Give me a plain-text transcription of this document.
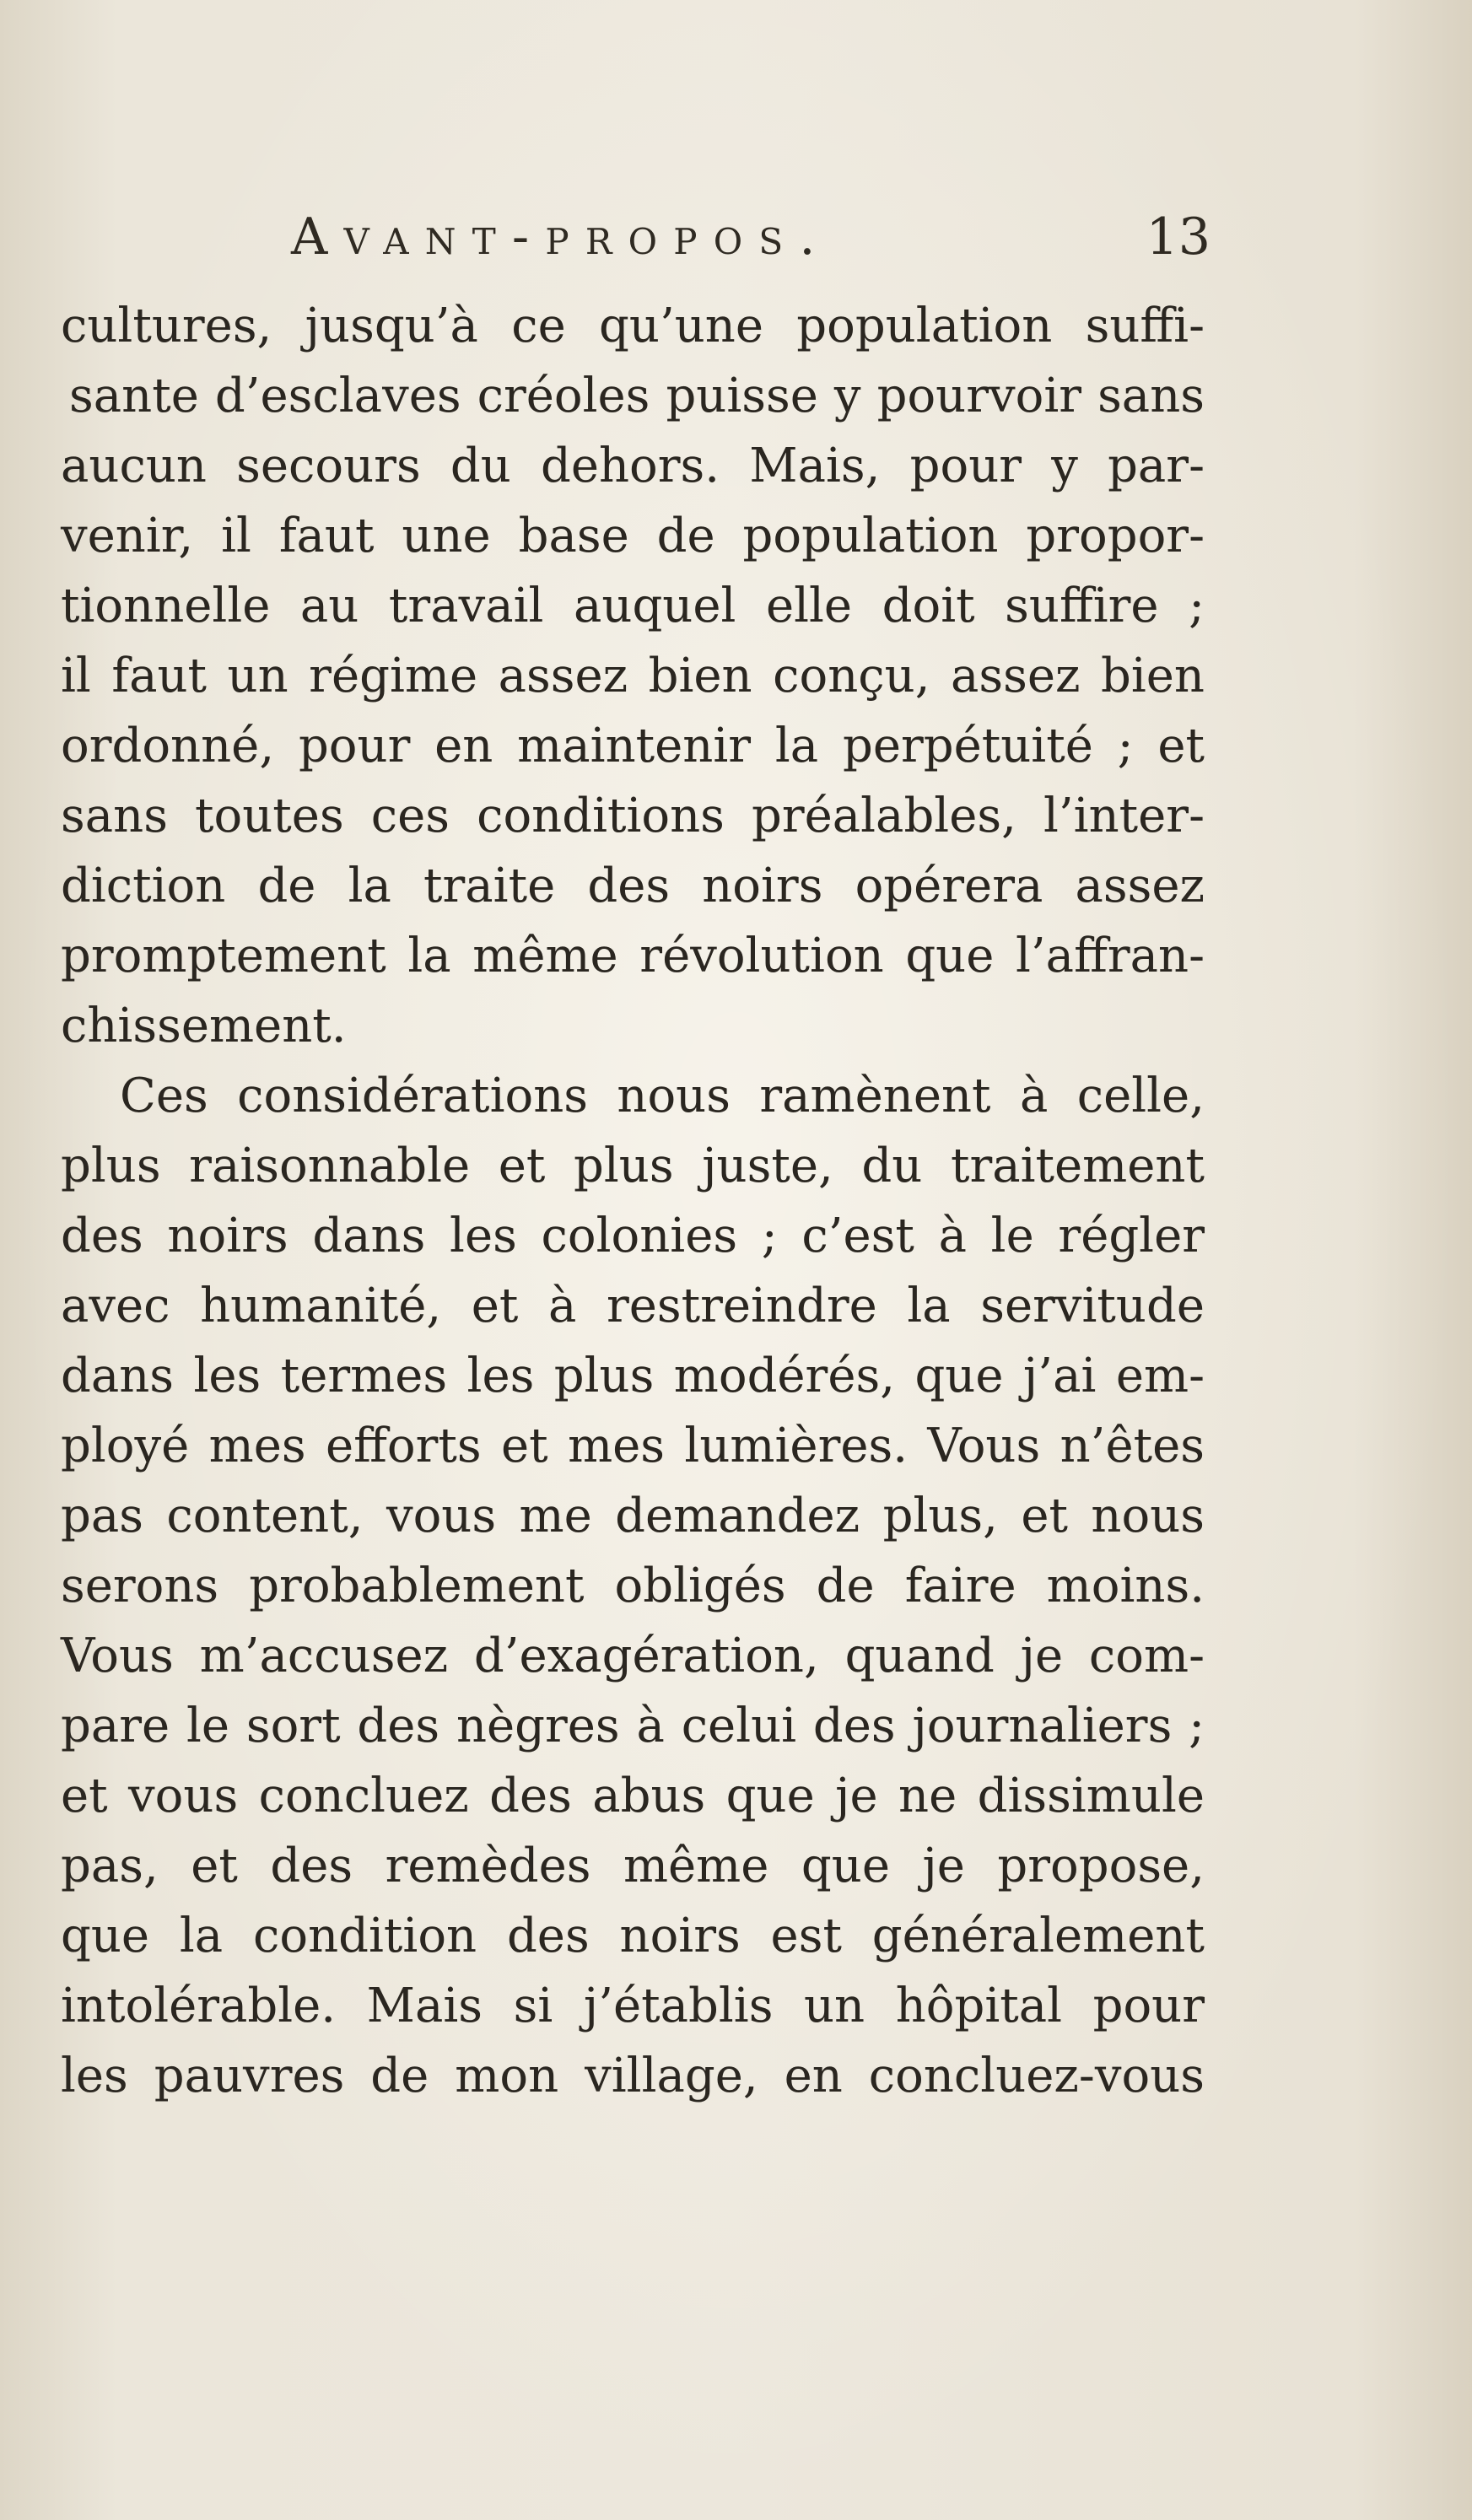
Avant-propos.	13
cultures, jusqu’à ce qu’une population suffi-
sante d’esclaves créoles puisse y pourvoir sans
aucun secours du dehors. Mais, pour y par-
venir, il faut une base de population propor-
tionnelle au travail auquel elle doit suffire ;
il faut un régime assez bien conçu, assez bien
ordonné, pour en maintenir la perpétuité ; et
sans toutes ces conditions préalables, l’inter-
diction de la traite des noirs opérera assez
promptement la même révolution que l’affran-
chissement.
Ces considérations nous ramènent à celle,
plus raisonnable et plus juste, du traitement
des noirs dans les colonies ; c’est à le régler
avec humanité, et à restreindre la servitude
dans les termes les plus modérés, que j’ai em-
ployé mes efforts et mes lumières. Vous n’êtes
pas content, vous me demandez plus, et nous
serons probablement obligés de faire moins.
Vous m’accusez d’exagération, quand je com-
pare le sort des nègres à celui des journaliers ;
et vous concluez des abus que je ne dissimule
pas, et des remèdes même que je propose,
que la condition des noirs est généralement
intolérable. Mais si j’établis un hôpital pour
les pauvres de mon village, en concluez-vous
